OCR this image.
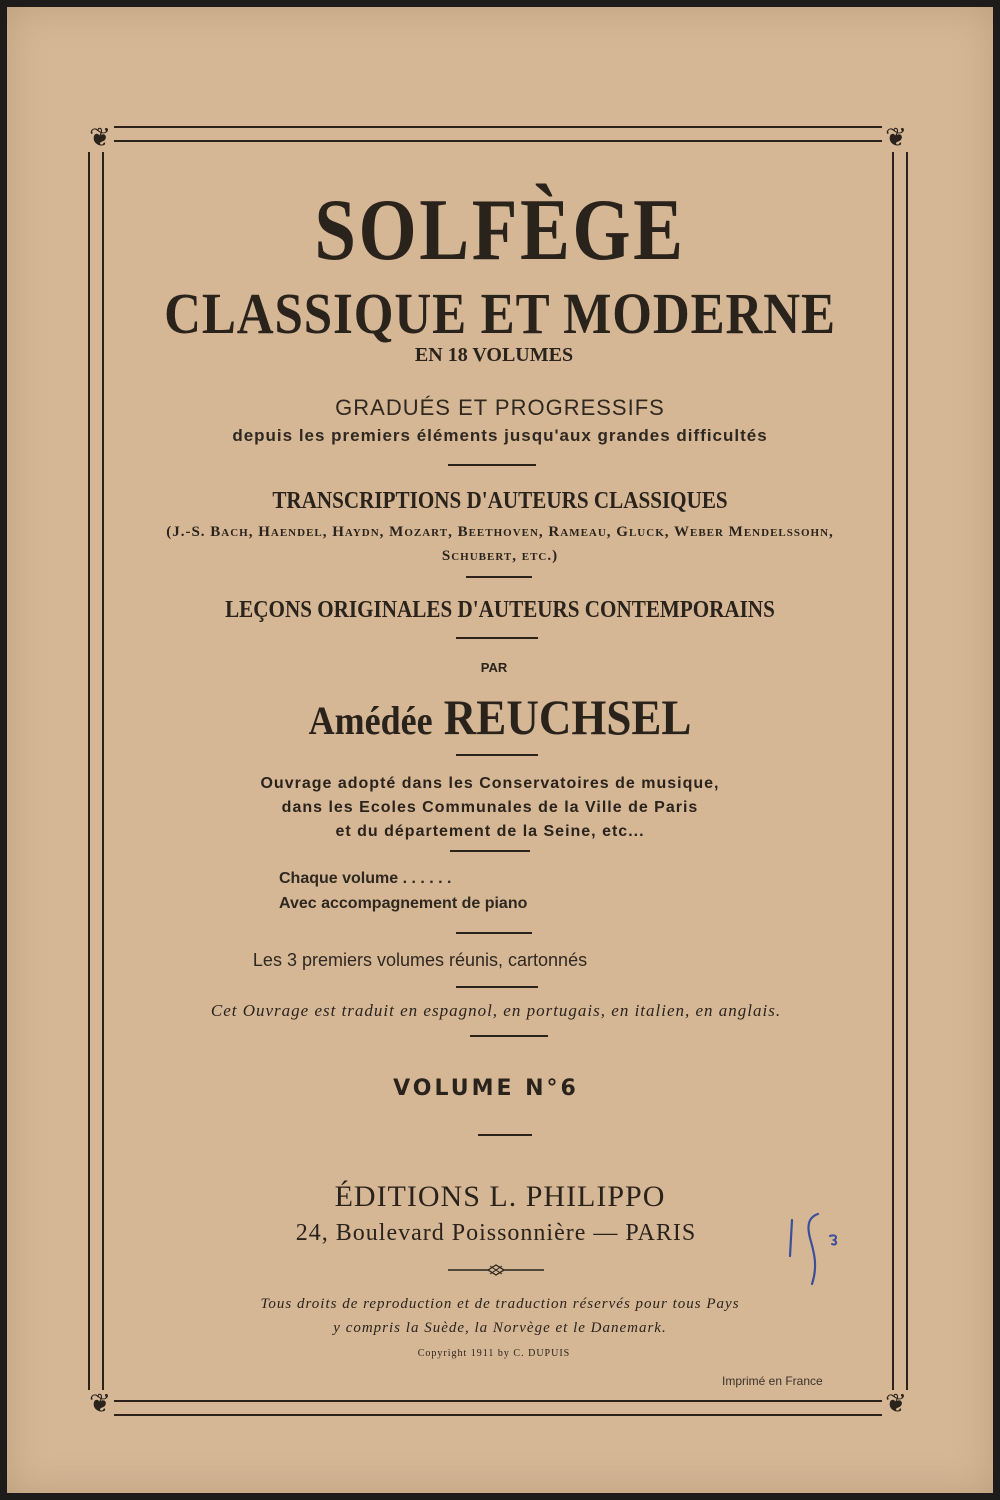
❦	❦
❦	❦
SOLFÈGE
CLASSIQUE ET MODERNE
EN 18 VOLUMES
GRADUÉS ET PROGRESSIFS
depuis les premiers éléments jusqu'aux grandes difficultés
TRANSCRIPTIONS D'AUTEURS CLASSIQUES
(J.-S. Bach, Haendel, Haydn, Mozart, Beethoven, Rameau, Gluck, Weber Mendelssohn, Schubert, etc.)
LEÇONS ORIGINALES D'AUTEURS CONTEMPORAINS
PAR
Amédée REUCHSEL
Ouvrage adopté dans les Conservatoires de musique,
dans les Ecoles Communales de la Ville de Paris
et du département de la Seine, etc...
Chaque volume . . . . . .
Avec accompagnement de piano
Les 3 premiers volumes réunis, cartonnés
Cet Ouvrage est traduit en espagnol, en portugais, en italien, en anglais.
VOLUME N°6
ÉDITIONS L. PHILIPPO
24, Boulevard Poissonnière — PARIS
Tous droits de reproduction et de traduction réservés pour tous Pays
y compris la Suède, la Norvège et le Danemark.
Copyright 1911 by C. DUPUIS
Imprimé en France
